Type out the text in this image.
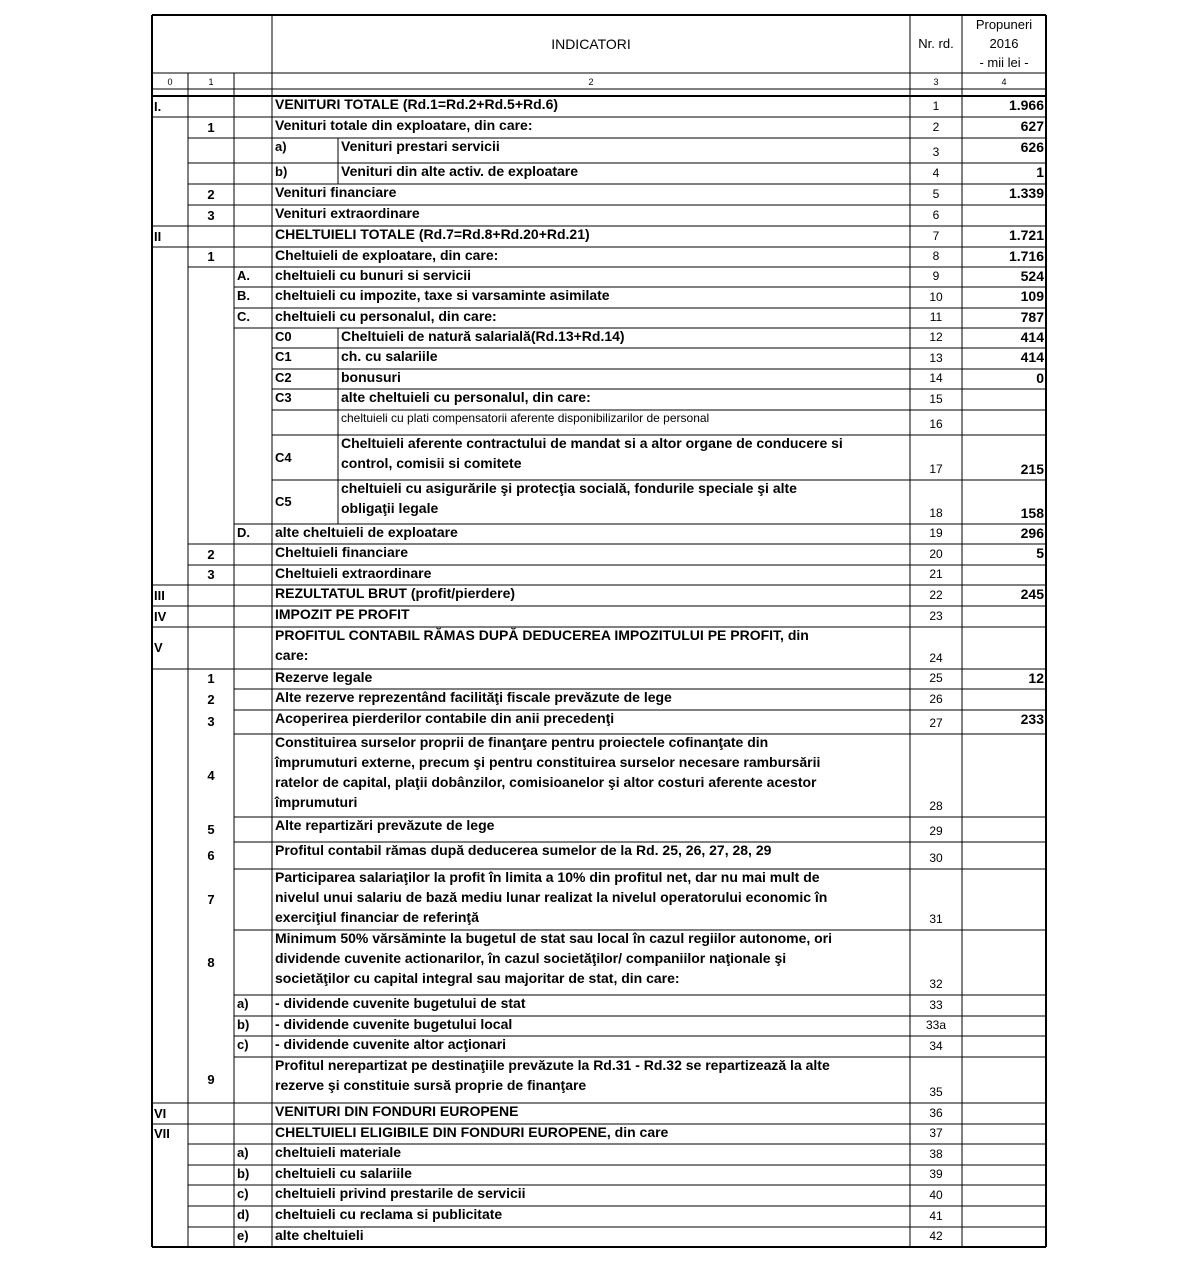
INDICATORI	Nr. rd.
Propuneri
2016
- mii lei -
0	1	2	3	4
I.	VENITURI TOTALE (Rd.1=Rd.2+Rd.5+Rd.6)	1	1.966
1	Venituri totale din exploatare, din care:	2	627
a)	Venituri prestari servicii	3	626
b)	Venituri din alte activ. de exploatare	4	1
2	Venituri financiare	5	1.339
3	Venituri extraordinare	6
II	CHELTUIELI TOTALE (Rd.7=Rd.8+Rd.20+Rd.21)	7	1.721
1	Cheltuieli de exploatare, din care:	8	1.716
A.	cheltuieli cu bunuri si servicii	9	524
B.	cheltuieli cu impozite, taxe si varsaminte asimilate	10	109
C.	cheltuieli cu personalul, din care:	11	787
C0	Cheltuieli de natură salarială(Rd.13+Rd.14)	12	414
C1	ch. cu salariile	13	414
C2	bonusuri	14	0
C3	alte cheltuieli cu personalul, din care:	15
cheltuieli cu plati compensatorii aferente disponibilizarilor de personal	16
C4
Cheltuieli aferente contractului de mandat si a altor organe de conducere si
control, comisii si comitete	17	215
C5
cheltuieli cu asigurările şi protecţia socială, fondurile speciale şi alte
obligaţii legale	18	158
D.	alte cheltuieli de exploatare	19	296
2	Cheltuieli financiare	20	5
3	Cheltuieli extraordinare	21
III	REZULTATUL BRUT (profit/pierdere)	22	245
IV	IMPOZIT PE PROFIT	23
V
PROFITUL CONTABIL RĂMAS DUPĂ DEDUCEREA IMPOZITULUI PE PROFIT, din
care:	24
1	Rezerve legale	25	12
2	Alte rezerve reprezentând facilităţi fiscale prevăzute de lege	26
3	Acoperirea pierderilor contabile din anii precedenţi	27	233
4
Constituirea surselor proprii de finanţare pentru proiectele cofinanţate din
împrumuturi externe, precum şi pentru constituirea surselor necesare rambursării
ratelor de capital, plaţii dobânzilor, comisioanelor şi altor costuri aferente acestor
împrumuturi	28
5	Alte repartizări prevăzute de lege	29
6	Profitul contabil rămas după deducerea sumelor de la Rd. 25, 26, 27, 28, 29	30
7
Participarea salariaţilor la profit în limita a 10% din profitul net, dar nu mai mult de
nivelul unui salariu de bază mediu lunar realizat la nivelul operatorului economic în
exerciţiul financiar de referinţă	31
8
Minimum 50% vărsăminte la bugetul de stat sau local în cazul regiilor autonome, ori
dividende cuvenite actionarilor, în cazul societăţilor/ companiilor naţionale şi
societăţilor cu capital integral sau majoritar de stat, din care:	32
a)	- dividende cuvenite bugetului de stat	33
b)	- dividende cuvenite bugetului local	33a
c)	- dividende cuvenite altor acţionari	34
9
Profitul nerepartizat pe destinaţiile prevăzute la Rd.31 - Rd.32 se repartizează la alte
rezerve şi constituie sursă proprie de finanţare	35
VI	VENITURI DIN FONDURI EUROPENE	36
VII	CHELTUIELI ELIGIBILE DIN FONDURI EUROPENE, din care	37
a)	cheltuieli materiale	38
b)	cheltuieli cu salariile	39
c)	cheltuieli privind prestarile de servicii	40
d)	cheltuieli cu reclama si publicitate	41
e)	alte cheltuieli	42
